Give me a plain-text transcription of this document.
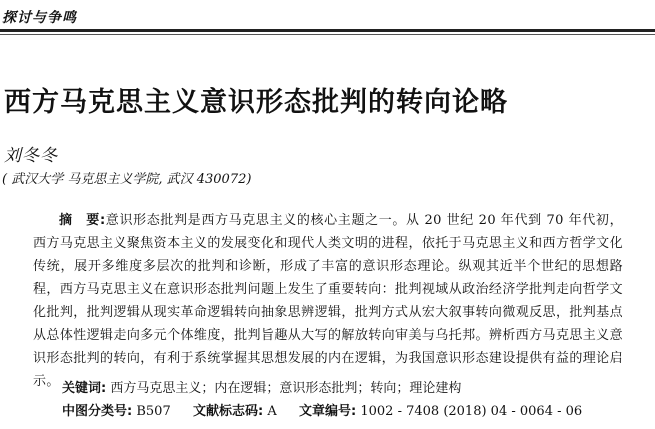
探讨与争鸣
西方马克思主义意识形态批判的转向论略
刘冬冬
( 武汉大学 马克思主义学院, 武汉 430072)

摘　要:意识形态批判是西方马克思主义的核心主题之一。从 20 世纪 20 年代到 70 年代初，西方马克思主义聚焦资本主义的发展变化和现代人类文明的进程，依托于马克思主义和西方哲学文化传统，展开多维度多层次的批判和诊断，形成了丰富的意识形态理论。纵观其近半个世纪的思想路程，西方马克思主义在意识形态批判问题上发生了重要转向：批判视域从政治经济学批判走向哲学文化批判，批判逻辑从现实革命逻辑转向抽象思辨逻辑，批判方式从宏大叙事转向微观反思，批判基点从总体性逻辑走向多元个体维度，批判旨趣从大写的解放转向审美与乌托邦。辨析西方马克思主义意识形态批判的转向，有利于系统掌握其思想发展的内在逻辑，为我国意识形态建设提供有益的理论启示。 关键词: 西方马克思主义；内在逻辑；意识形态批判；转向；理论建构
中图分类号: B507 文献标志码: A 文章编号: 1002 - 7408 (2018) 04 - 0064 - 06
